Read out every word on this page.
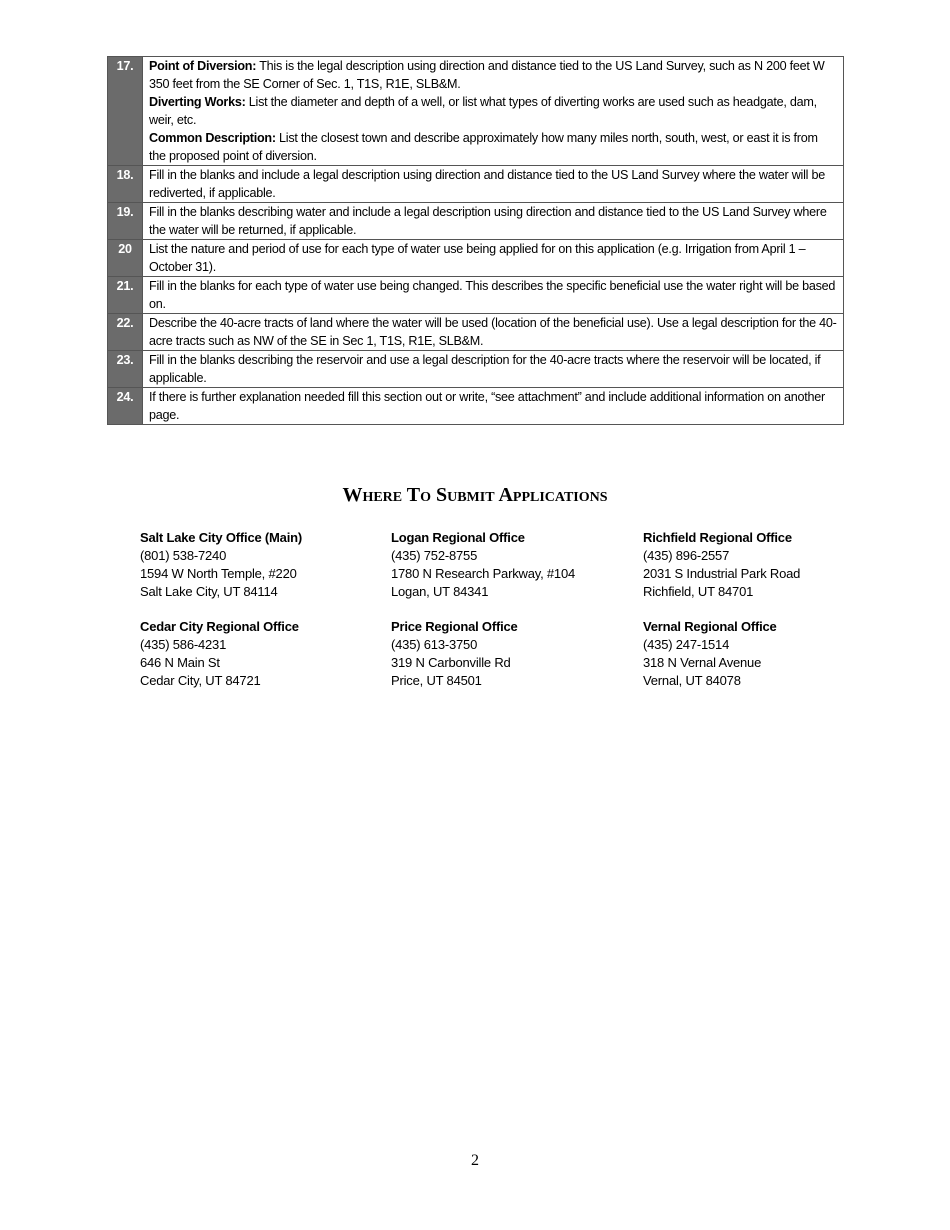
17.	Point of Diversion: This is the legal description using direction and distance tied to the US Land Survey, such as N 200 feet W 350 feet from the SE Corner of Sec. 1, T1S, R1E, SLB&M.
Diverting Works: List the diameter and depth of a well, or list what types of diverting works are used such as headgate, dam, weir, etc.
Common Description: List the closest town and describe approximately how many miles north, south, west, or east it is from the proposed point of diversion.

18.	Fill in the blanks and include a legal description using direction and distance tied to the US Land Survey where the water will be rediverted, if applicable.
19.	Fill in the blanks describing water and include a legal description using direction and distance tied to the US Land Survey where the water will be returned, if applicable.
20	List the nature and period of use for each type of water use being applied for on this application (e.g. Irrigation from April 1 – October 31).
21.	Fill in the blanks for each type of water use being changed. This describes the specific beneficial use the water right will be based on.
22.	Describe the 40-acre tracts of land where the water will be used (location of the beneficial use). Use a legal description for the 40-acre tracts such as NW of the SE in Sec 1, T1S, R1E, SLB&M.
23.	Fill in the blanks describing the reservoir and use a legal description for the 40-acre tracts where the reservoir will be located, if applicable.
24.	If there is further explanation needed fill this section out or write, “see attachment” and include additional information on another page.
Where To Submit Applications
Salt Lake City Office (Main)
(801) 538-7240
1594 W North Temple, #220
Salt Lake City, UT 84114
Logan Regional Office
(435) 752-8755
1780 N Research Parkway, #104
Logan, UT 84341
Richfield Regional Office
(435) 896-2557
2031 S Industrial Park Road
Richfield, UT 84701
Cedar City Regional Office
(435) 586-4231
646 N Main St
Cedar City, UT 84721
Price Regional Office
(435) 613-3750
319 N Carbonville Rd
Price, UT 84501
Vernal Regional Office
(435) 247-1514
318 N Vernal Avenue
Vernal, UT 84078
2
